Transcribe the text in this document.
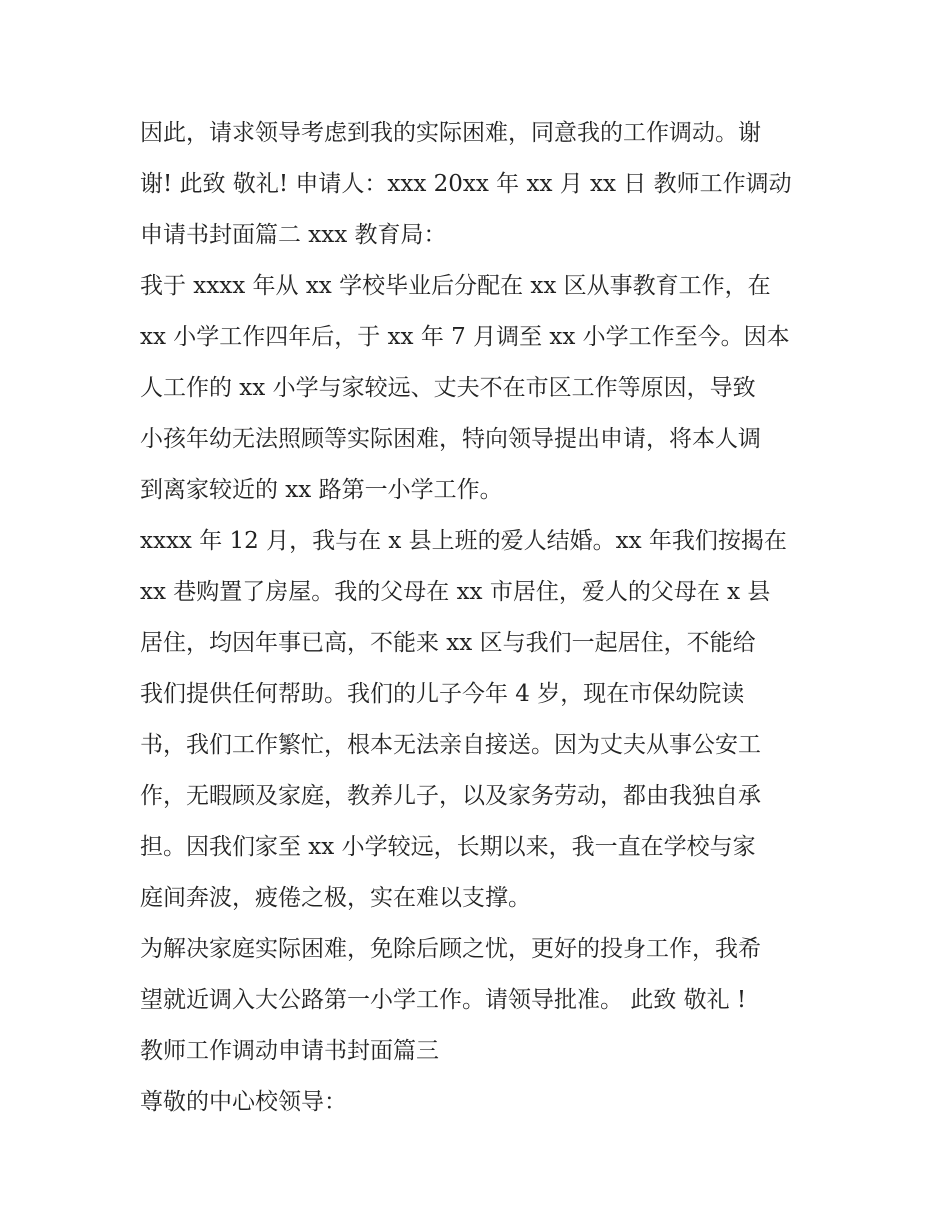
因此，请求领导考虑到我的实际困难，同意我的工作调动。谢
谢! 此致 敬礼! 申请人：xxx 20xx 年 xx 月 xx 日 教师工作调动
申请书封面篇二 xxx 教育局：
我于 xxxx 年从 xx 学校毕业后分配在 xx 区从事教育工作，在
xx 小学工作四年后，于 xx 年 7 月调至 xx 小学工作至今。因本
人工作的 xx 小学与家较远、丈夫不在市区工作等原因，导致
小孩年幼无法照顾等实际困难，特向领导提出申请，将本人调
到离家较近的 xx 路第一小学工作。
xxxx 年 12 月，我与在 x 县上班的爱人结婚。xx 年我们按揭在
xx 巷购置了房屋。我的父母在 xx 市居住，爱人的父母在 x 县
居住，均因年事已高，不能来 xx 区与我们一起居住，不能给
我们提供任何帮助。我们的儿子今年 4 岁，现在市保幼院读
书，我们工作繁忙，根本无法亲自接送。因为丈夫从事公安工
作，无暇顾及家庭，教养儿子，以及家务劳动，都由我独自承
担。因我们家至 xx 小学较远，长期以来，我一直在学校与家
庭间奔波，疲倦之极，实在难以支撑。
为解决家庭实际困难，免除后顾之忧，更好的投身工作，我希
望就近调入大公路第一小学工作。请领导批准。 此致 敬礼 !
教师工作调动申请书封面篇三
尊敬的中心校领导：
